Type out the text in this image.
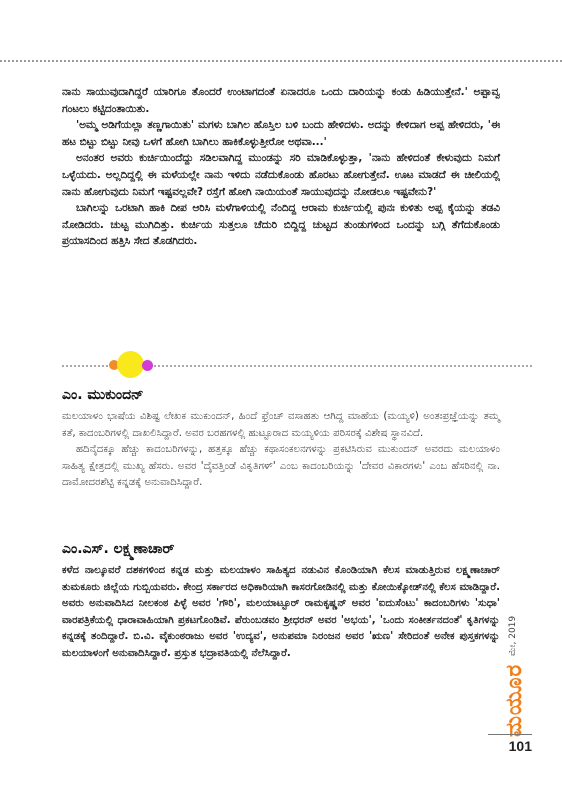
ನಾನು ಸಾಯುವುದಾಗಿದ್ದರೆ ಯಾರಿಗೂ ತೊಂದರೆ ಉಂಟಾಗದಂತೆ ಏನಾದರೂ ಒಂದು ದಾರಿಯನ್ನು ಕಂಡು ಹಿಡಿಯುತ್ತೇನೆ.' ಅಪ್ಪಾವ್ವ ಗಂಟಲು ಕಟ್ಟಿದಂತಾಯಿತು.

'ಅಮ್ಮ ಅಡಿಗೆಯಲ್ಲಾ ತಣ್ಣಗಾಯಿತು' ಮಗಳು ಬಾಗಿಲ ಹೊಸ್ತಿಲ ಬಳಿ ಬಂದು ಹೇಳಿದಳು. ಅದನ್ನು ಕೇಳಿದಾಗ ಅಪ್ಪ ಹೇಳಿದರು, 'ಈ ಹಟ ಬಿಟ್ಟು ಬಿಟ್ಟು ನೀವು ಒಳಗೆ ಹೋಗಿ ಬಾಗಿಲು ಹಾಕಿಕೊಳ್ಳುತ್ತೀರೋ ಅಥವಾ...'

ಅನಂತರ ಅವರು ಕುರ್ಚಿಯಿಂದೆದ್ದು ಸಡಿಲವಾಗಿದ್ದ ಮುಂಡನ್ನು ಸರಿ ಮಾಡಿಕೊಳ್ಳುತ್ತಾ, 'ನಾನು ಹೇಳಿದಂತೆ ಕೇಳುವುದು ನಿಮಗೆ ಒಳ್ಳೆಯದು. ಅಲ್ಲದಿದ್ದಲ್ಲಿ ಈ ಮಳೆಯಲ್ಲೇ ನಾನು ಇಳಿದು ನಡೆದುಕೊಂಡು ಹೊರಟು ಹೋಗುತ್ತೇನೆ. ಊಟ ಮಾಡದೆ ಈ ಚೀಲಿಯಲ್ಲಿ ನಾನು ಹೋಗುವುದು ನಿಮಗೆ ಇಷ್ಟವಲ್ಲವೇ? ರಸ್ತೆಗೆ ಹೋಗಿ ನಾಯಿಯಂತೆ ಸಾಯುವುದನ್ನು ನೋಡಲೂ ಇಷ್ಟವೇನು?'

ಬಾಗಿಲನ್ನು ಒರಟಾಗಿ ಹಾಕಿ ದೀಪ ಆರಿಸಿ ಮಳೆಗಾಳಿಯಲ್ಲಿ ನೆಂದಿದ್ದ ಆರಾಮ ಕುರ್ಚಿಯಲ್ಲಿ ಪುನಃ ಕುಳಿತು ಅಪ್ಪ ಕೈಯನ್ನು ತಡವಿ ನೋಡಿದರು. ಚುಟ್ಟ ಮುಗಿದಿತ್ತು. ಕುರ್ಚಿಯ ಸುತ್ತಲೂ ಚೆದುರಿ ಬಿದ್ದಿದ್ದ ಚುಟ್ಟದ ತುಂಡುಗಳಿಂದ ಒಂದನ್ನು ಬಗ್ಗಿ ತೆಗೆದುಕೊಂಡು ಪ್ರಯಾಸದಿಂದ ಹತ್ತಿಸಿ ಸೇದ ತೊಡಗಿದರು.

ಎಂ. ಮುಕುಂದನ್

ಮಲಯಾಳಂ ಭಾಷೆಯ ವಿಶಿಷ್ಟ ಲೇಖಕ ಮುಕುಂದನ್, ಹಿಂದೆ ಫ್ರೆಂಚ್ ವಸಾಹತು ಆಗಿದ್ದ ಮಾಹೆಯ (ಮಯ್ಯಳಿ) ಅಂತಃಪ್ರಜ್ಞೆಯನ್ನು ತಮ್ಮ ಕತೆ, ಕಾದಂಬರಿಗಳಲ್ಲಿ ದಾಖಲಿಸಿದ್ದಾರೆ. ಅವರ ಬರಹಗಳಲ್ಲಿ ಹುಟ್ಟೂರಾದ ಮಯ್ಯಳಿಯ ಪರಿಸರಕ್ಕೆ ವಿಶೇಷ ಸ್ಥಾನವಿದೆ.

ಹದಿನೈದಕ್ಕೂ ಹೆಚ್ಚು ಕಾದಂಬರಿಗಳನ್ನು, ಹತ್ತಕ್ಕೂ ಹೆಚ್ಚು ಕಥಾಸಂಕಲನಗಳನ್ನು ಪ್ರಕಟಿಸಿರುವ ಮುಕುಂದನ್ ಅವರದು ಮಲಯಾಳಂ ಸಾಹಿತ್ಯ ಕ್ಷೇತ್ರದಲ್ಲಿ ಮುಖ್ಯ ಹೆಸರು. ಅವರ 'ದೈವತ್ತಿಂಡೆ ವಿಕೃತಿಗಳ್' ಎಂಬ ಕಾದಂಬರಿಯನ್ನು 'ದೇವರ ವಿಕಾರಗಳು' ಎಂಬ ಹೆಸರಿನಲ್ಲಿ ನಾ. ದಾಮೋದರಶೆಟ್ಟಿ ಕನ್ನಡಕ್ಕೆ ಅನುವಾದಿಸಿದ್ದಾರೆ.

ಎಂ.ಎಸ್. ಲಕ್ಷ್ಮಣಾಚಾರ್

ಕಳೆದ ನಾಲ್ಕೂವರೆ ದಶಕಗಳಿಂದ ಕನ್ನಡ ಮತ್ತು ಮಲಯಾಳಂ ಸಾಹಿತ್ಯದ ನಡುವಿನ ಕೊಂಡಿಯಾಗಿ ಕೆಲಸ ಮಾಡುತ್ತಿರುವ ಲಕ್ಷ್ಮಣಾಚಾರ್ ತುಮಕೂರು ಜಿಲ್ಲೆಯ ಗುಬ್ಬಿಯವರು. ಕೇಂದ್ರ ಸರ್ಕಾರದ ಅಧಿಕಾರಿಯಾಗಿ ಕಾಸರಗೋಡಿನಲ್ಲಿ ಮತ್ತು ಕೋಯಿಕ್ಕೋಡ್‌ನಲ್ಲಿ ಕೆಲಸ ಮಾಡಿದ್ದಾರೆ. ಅವರು ಅನುವಾದಿಸಿದ ನೀಲಕಂಠ ಪಿಳ್ಳೆ ಅವರ 'ಗೌರಿ', ಮಲಯಾಟ್ಟೂರ್ ರಾಮಕೃಷ್ಣನ್ ಅವರ 'ಐದುಸೆಂಟು' ಕಾದಂಬರಿಗಳು 'ಸುಧಾ' ವಾರಪತ್ರಿಕೆಯಲ್ಲಿ ಧಾರಾವಾಹಿಯಾಗಿ ಪ್ರಕಟಗೊಂಡಿವೆ. ಪೆರುಂಬಡವಂ ಶ್ರೀಧರನ್ ಅವರ 'ಅಭಯ', 'ಒಂದು ಸಂಕೀರ್ತನದಂತೆ' ಕೃತಿಗಳನ್ನು ಕನ್ನಡಕ್ಕೆ ತಂದಿದ್ದಾರೆ. ಬಿ.ವಿ. ವೈಕುಂಠರಾಜು ಅವರ 'ಉದ್ಯವ', ಅನುಪಮಾ ನಿರಂಜನ ಅವರ 'ಋಣ' ಸೇರಿದಂತೆ ಅನೇಕ ಪುಸ್ತಕಗಳನ್ನು ಮಲಯಾಳಂಗೆ ಅನುವಾದಿಸಿದ್ದಾರೆ. ಪ್ರಸ್ತುತ ಭದ್ರಾವತಿಯಲ್ಲಿ ನೆಲೆಸಿದ್ದಾರೆ.	ಮೇ, 2019
ಮಯೂರ
101
